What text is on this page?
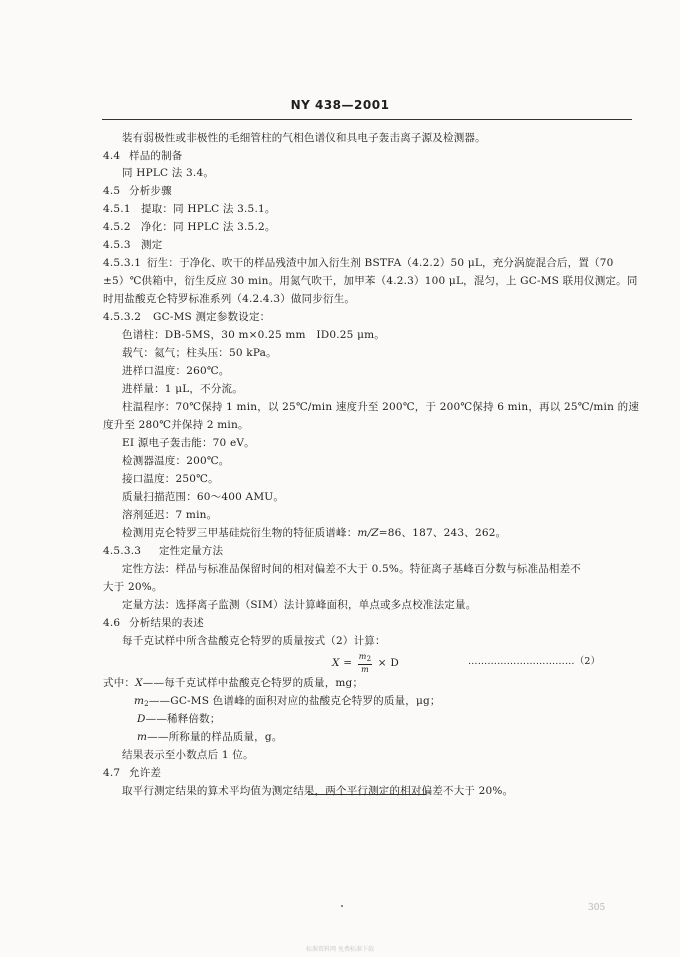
NY 438—2001
装有弱极性或非极性的毛细管柱的气相色谱仪和具电子轰击离子源及检测器。
4.4 样品的制备
同 HPLC 法 3.4。
4.5 分析步骤
4.5.1 提取：同 HPLC 法 3.5.1。
4.5.2 净化：同 HPLC 法 3.5.2。
4.5.3 测定
4.5.3.1 衍生：于净化、吹干的样品残渣中加入衍生剂 BSTFA（4.2.2）50 μL，充分涡旋混合后，置（70
±5）℃供箱中，衍生反应 30 min。用氮气吹干，加甲苯（4.2.3）100 μL，混匀，上 GC-MS 联用仪测定。同
时用盐酸克仑特罗标准系列（4.2.4.3）做同步衍生。
4.5.3.2 GC-MS 测定参数设定：
色谱柱：DB-5MS，30 m×0.25 mm　ID0.25 μm。
载气：氦气；柱头压：50 kPa。
进样口温度：260℃。
进样量：1 μL，不分流。
柱温程序：70℃保持 1 min，以 25℃/min 速度升至 200℃，于 200℃保持 6 min，再以 25℃/min 的速
度升至 280℃并保持 2 min。
EI 源电子轰击能：70 eV。
检测器温度：200℃。
接口温度：250℃。
质量扫描范围：60～400 AMU。
溶剂延迟：7 min。
检测用克仑特罗三甲基硅烷衍生物的特征质谱峰：m/Z=86、187、243、262。
4.5.3.3 定性定量方法
定性方法：样品与标准品保留时间的相对偏差不大于 0.5%。特征离子基峰百分数与标准品相差不
大于 20%。
定量方法：选择离子监测（SIM）法计算峰面积，单点或多点校准法定量。
4.6 分析结果的表述
每千克试样中所含盐酸克仑特罗的质量按式（2）计算：
$X = \frac{m2}{m} \times D$	……………………………（2）
式中：X——每千克试样中盐酸克仑特罗的质量，mg；
$m_2——GC-MS$ 色谱峰的面积对应的盐酸克仑特罗的质量，μg；
D——稀释倍数；
m——所称量的样品质量，g。
结果表示至小数点后 1 位。
4.7 允许差
取平行测定结果的算术平均值为测定结果，两个平行测定的相对偏差不大于 20%。
305
标准资料网 免费标准下载
